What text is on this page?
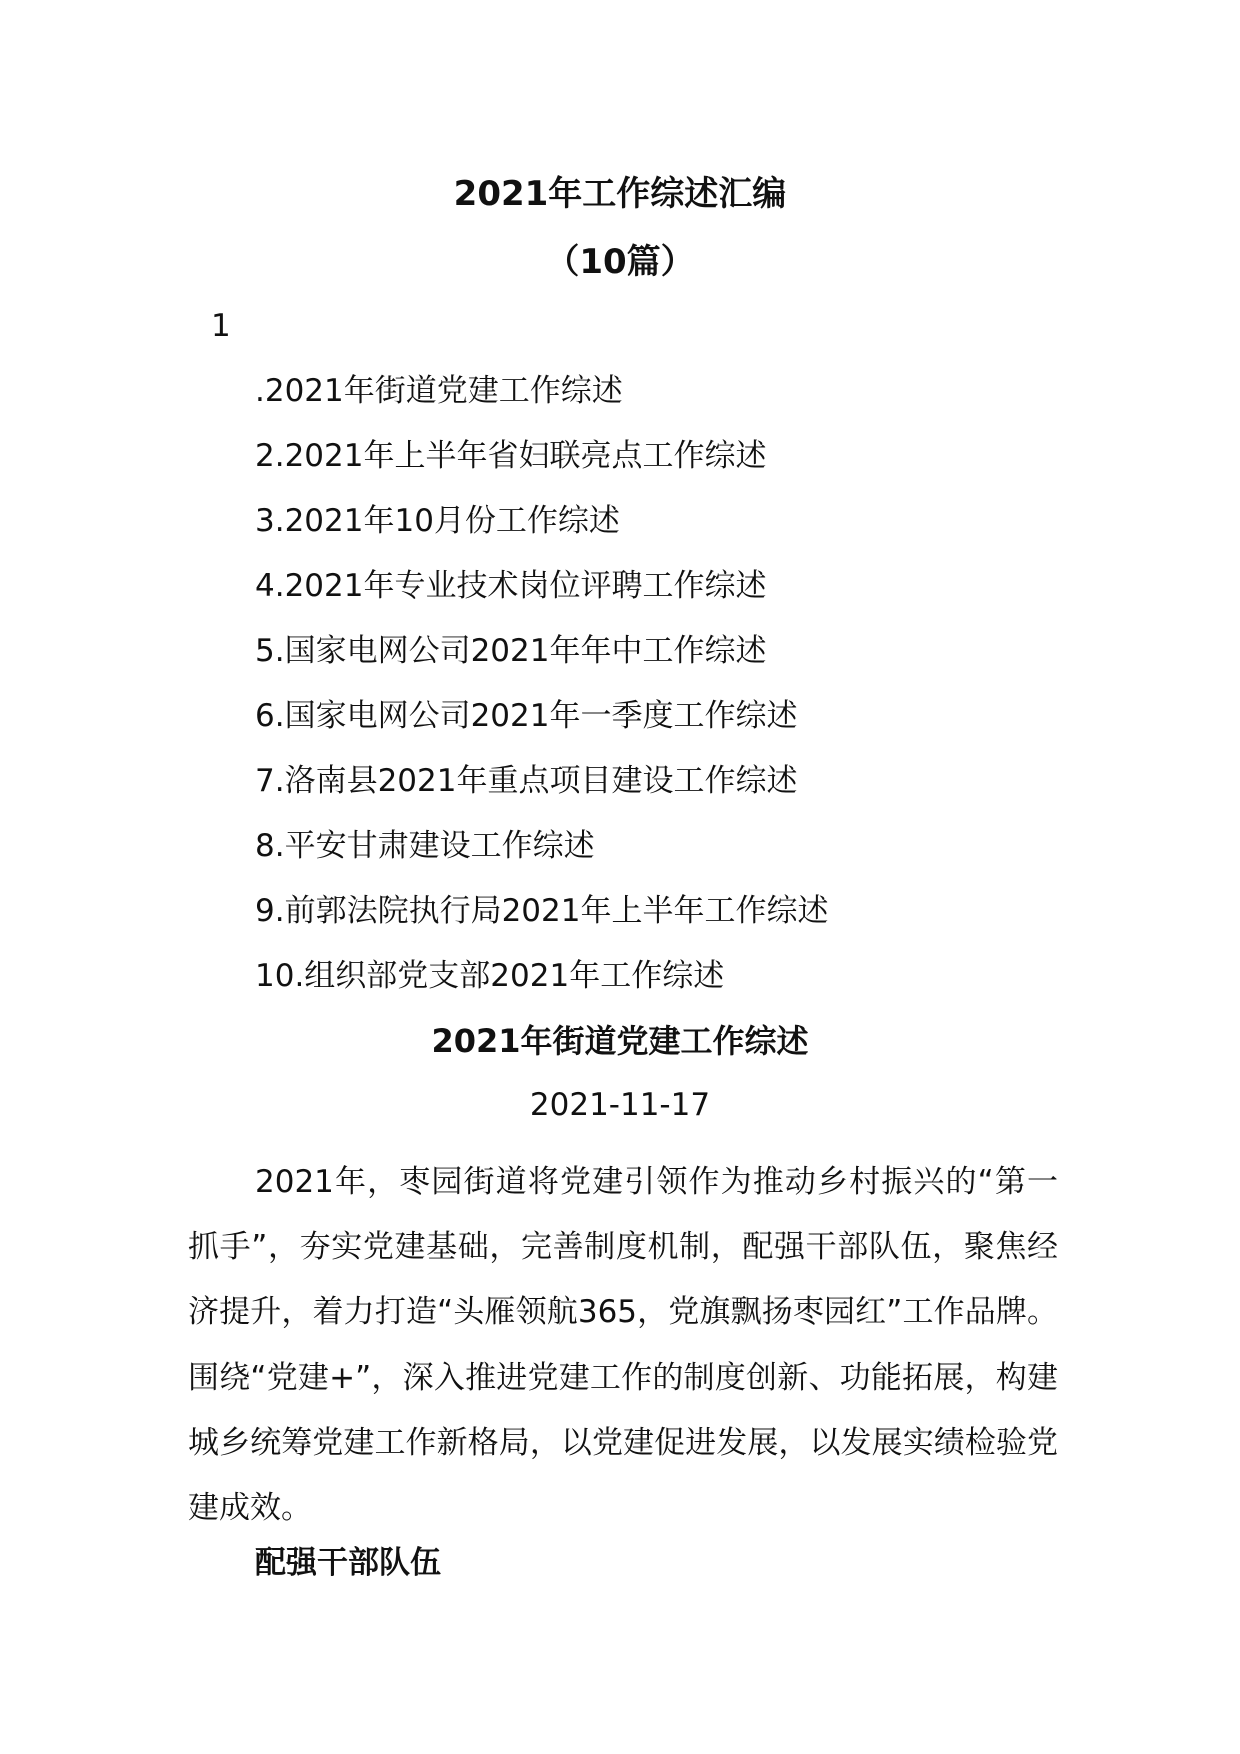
2021年工作综述汇编
（10篇）
1
.2021年街道党建工作综述
2.2021年上半年省妇联亮点工作综述
3.2021年10月份工作综述
4.2021年专业技术岗位评聘工作综述
5.国家电网公司2021年年中工作综述
6.国家电网公司2021年一季度工作综述
7.洛南县2021年重点项目建设工作综述
8.平安甘肃建设工作综述
9.前郭法院执行局2021年上半年工作综述
10.组织部党支部2021年工作综述
2021年街道党建工作综述
2021-11-17

2021年，枣园街道将党建引领作为推动乡村振兴的“第一抓手”，夯实党建基础，完善制度机制，配强干部队伍，聚焦经济提升，着力打造“头雁领航365，党旗飘扬枣园红”工作品牌。围绕“党建+”，深入推进党建工作的制度创新、功能拓展，构建城乡统筹党建工作新格局，以党建促进发展，以发展实绩检验党建成效。

配强干部队伍
